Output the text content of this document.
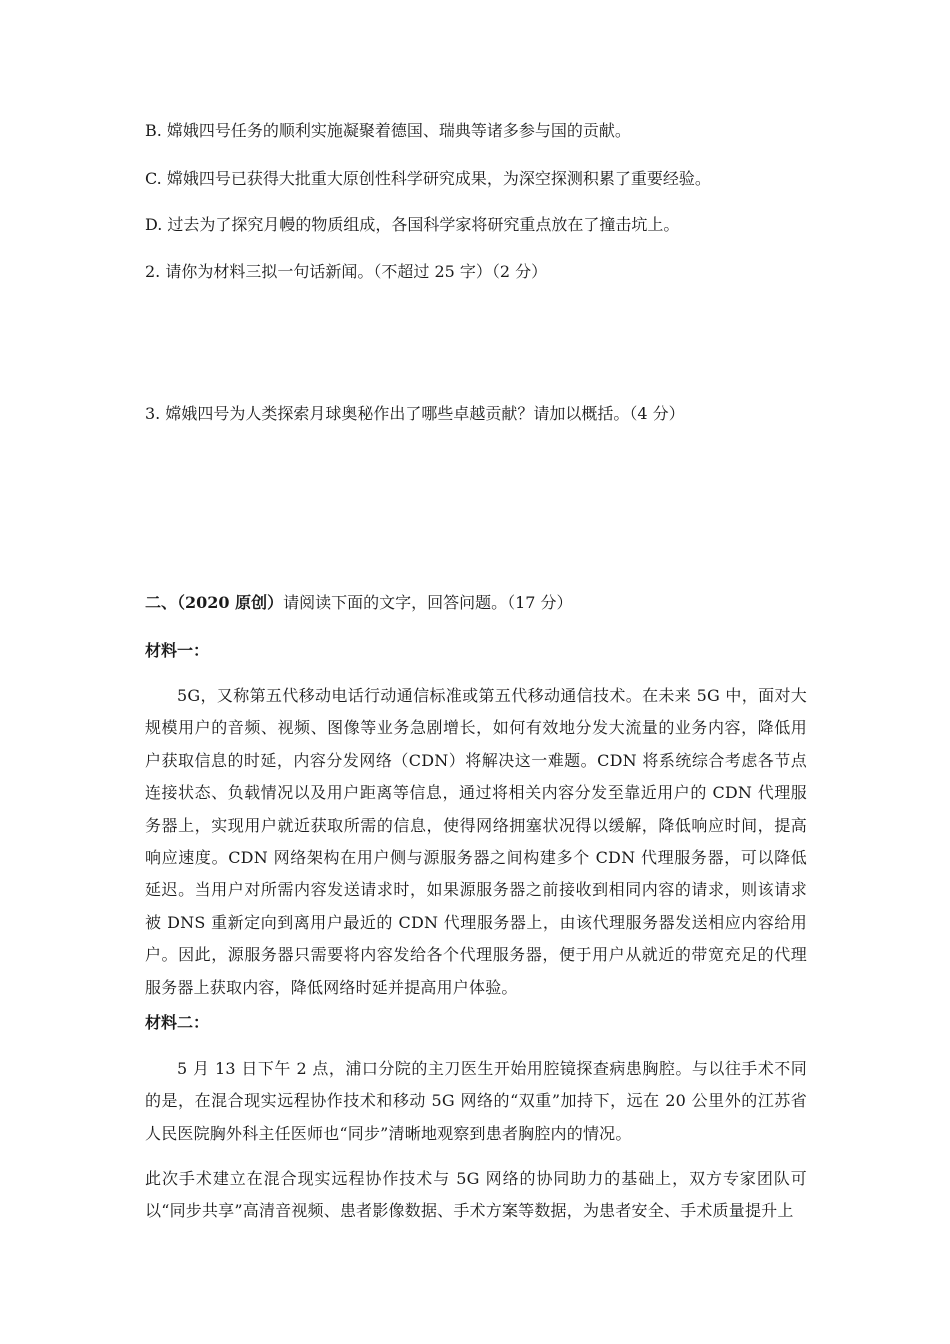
B. 嫦娥四号任务的顺利实施凝聚着德国、瑞典等诸多参与国的贡献。

C. 嫦娥四号已获得大批重大原创性科学研究成果，为深空探测积累了重要经验。

D. 过去为了探究月幔的物质组成，各国科学家将研究重点放在了撞击坑上。

2. 请你为材料三拟一句话新闻。（不超过 25 字）（2 分）

3. 嫦娥四号为人类探索月球奥秘作出了哪些卓越贡献？请加以概括。（4 分）

二、（2020 原创）请阅读下面的文字，回答问题。（17 分）

材料一：

5G，又称第五代移动电话行动通信标准或第五代移动通信技术。在未来 5G 中，面对大规模用户的音频、视频、图像等业务急剧增长，如何有效地分发大流量的业务内容，降低用户获取信息的时延，内容分发网络（CDN）将解决这一难题。CDN 将系统综合考虑各节点连接状态、负载情况以及用户距离等信息，通过将相关内容分发至靠近用户的 CDN 代理服务器上，实现用户就近获取所需的信息，使得网络拥塞状况得以缓解，降低响应时间，提高响应速度。CDN 网络架构在用户侧与源服务器之间构建多个 CDN 代理服务器，可以降低延迟。当用户对所需内容发送请求时，如果源服务器之前接收到相同内容的请求，则该请求被 DNS 重新定向到离用户最近的 CDN 代理服务器上，由该代理服务器发送相应内容给用户。因此，源服务器只需要将内容发给各个代理服务器，便于用户从就近的带宽充足的代理服务器上获取内容，降低网络时延并提高用户体验。

材料二：

5 月 13 日下午 2 点，浦口分院的主刀医生开始用腔镜探查病患胸腔。与以往手术不同的是，在混合现实远程协作技术和移动 5G 网络的“双重”加持下，远在 20 公里外的江苏省人民医院胸外科主任医师也“同步”清晰地观察到患者胸腔内的情况。

此次手术建立在混合现实远程协作技术与 5G 网络的协同助力的基础上，双方专家团队可以“同步共享”高清音视频、患者影像数据、手术方案等数据，为患者安全、手术质量提升上
